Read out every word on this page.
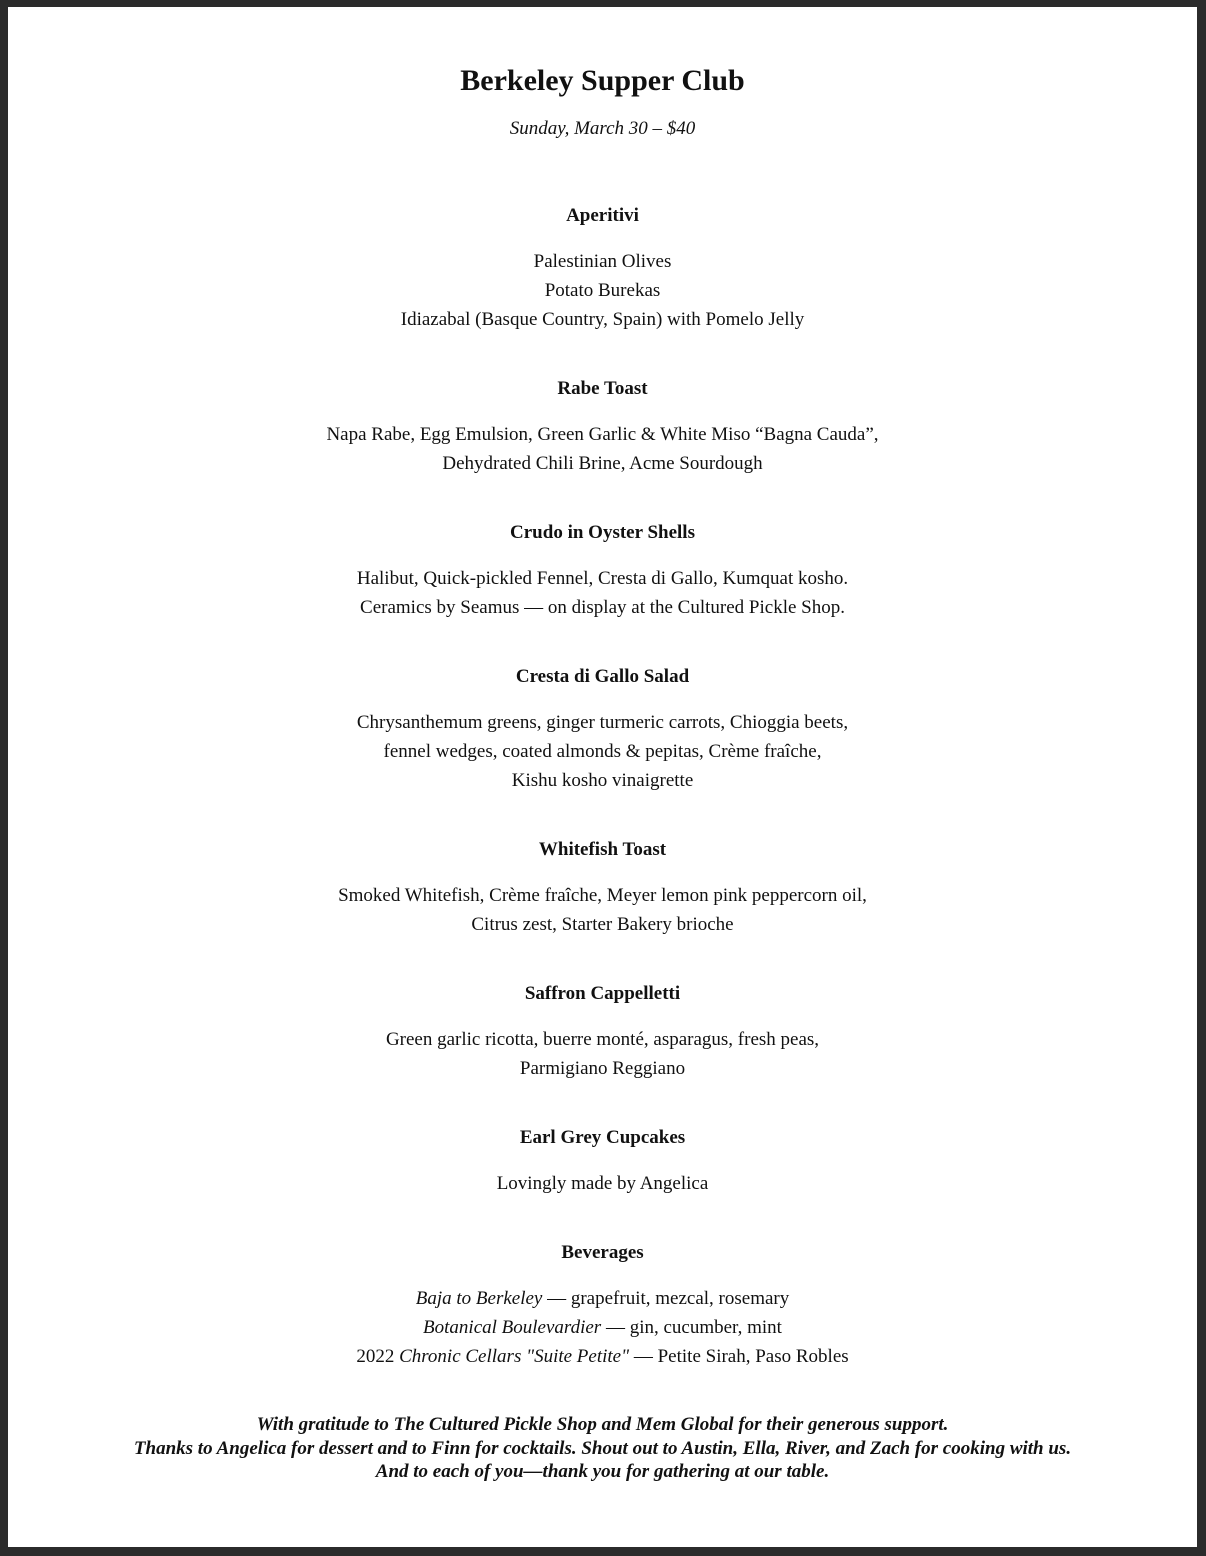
Berkeley Supper Club
Sunday, March 30 – $40

Aperitivi

Palestinian Olives

Potato Burekas

Idiazabal (Basque Country, Spain) with Pomelo Jelly

Rabe Toast

Napa Rabe, Egg Emulsion, Green Garlic & White Miso “Bagna Cauda”,

Dehydrated Chili Brine, Acme Sourdough

Crudo in Oyster Shells

Halibut, Quick-pickled Fennel, Cresta di Gallo, Kumquat kosho.

Ceramics by Seamus — on display at the Cultured Pickle Shop.

Cresta di Gallo Salad

Chrysanthemum greens, ginger turmeric carrots, Chioggia beets,

fennel wedges, coated almonds & pepitas, Crème fraîche,

Kishu kosho vinaigrette

Whitefish Toast

Smoked Whitefish, Crème fraîche, Meyer lemon pink peppercorn oil,

Citrus zest, Starter Bakery brioche

Saffron Cappelletti

Green garlic ricotta, buerre monté, asparagus, fresh peas,

Parmigiano Reggiano

Earl Grey Cupcakes

Lovingly made by Angelica

Beverages

Baja to Berkeley — grapefruit, mezcal, rosemary

Botanical Boulevardier — gin, cucumber, mint

2022 Chronic Cellars "Suite Petite" — Petite Sirah, Paso Robles

With gratitude to The Cultured Pickle Shop and Mem Global for their generous support.

Thanks to Angelica for dessert and to Finn for cocktails. Shout out to Austin, Ella, River, and Zach for cooking with us.

And to each of you—thank you for gathering at our table.
